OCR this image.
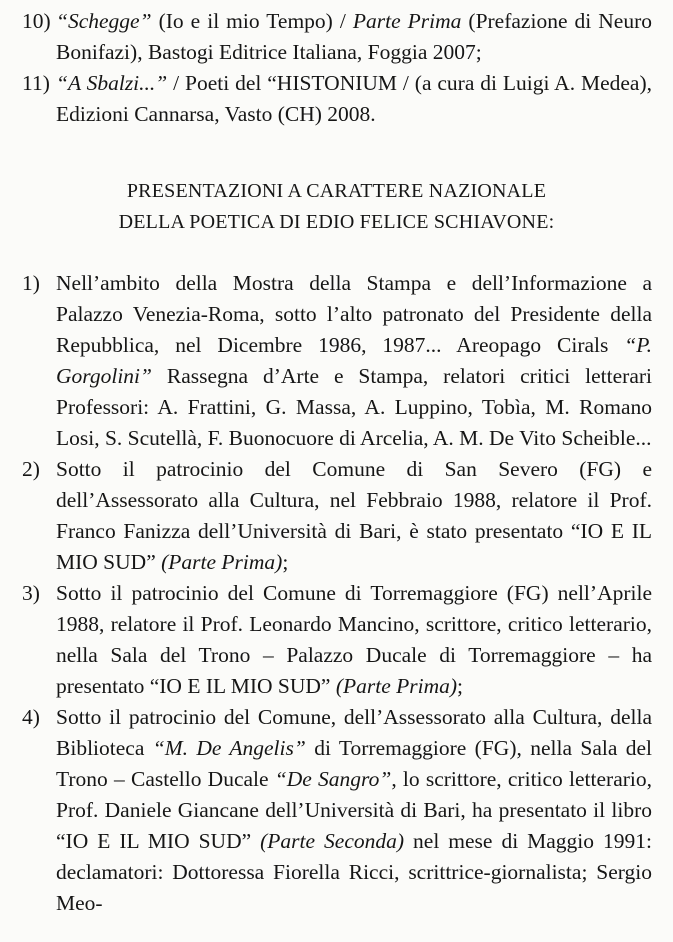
10) “Schegge” (Io e il mio Tempo) / Parte Prima (Prefazione di Neuro Bonifazi), Bastogi Editrice Italiana, Foggia 2007;
11) “A Sbalzi...” / Poeti del “HISTONIUM / (a cura di Luigi A. Medea), Edizioni Cannarsa, Vasto (CH) 2008.
PRESENTAZIONI A CARATTERE NAZIONALE
DELLA POETICA DI EDIO FELICE SCHIAVONE:
1) Nell’ambito della Mostra della Stampa e dell’Informazione a Palazzo Venezia-Roma, sotto l’alto patronato del Presidente della Repubblica, nel Dicembre 1986, 1987... Areopago Cirals “P. Gorgolini” Rassegna d’Arte e Stampa, relatori critici letterari Professori: A. Frattini, G. Massa, A. Luppino, Tobìa, M. Romano Losi, S. Scutellà, F. Buonocuore di Arcelia, A. M. De Vito Scheible...
2) Sotto il patrocinio del Comune di San Severo (FG) e dell’Assessorato alla Cultura, nel Febbraio 1988, relatore il Prof. Franco Fanizza dell’Università di Bari, è stato presentato “IO E IL MIO SUD” (Parte Prima);
3) Sotto il patrocinio del Comune di Torremaggiore (FG) nell’Aprile 1988, relatore il Prof. Leonardo Mancino, scrittore, critico letterario, nella Sala del Trono – Palazzo Ducale di Torremaggiore – ha presentato “IO E IL MIO SUD” (Parte Prima);
4) Sotto il patrocinio del Comune, dell’Assessorato alla Cultura, della Biblioteca “M. De Angelis” di Torremaggiore (FG), nella Sala del Trono – Castello Ducale “De Sangro”, lo scrittore, critico letterario, Prof. Daniele Giancane dell’Università di Bari, ha presentato il libro “IO E IL MIO SUD” (Parte Seconda) nel mese di Maggio 1991: declamatori: Dottoressa Fiorella Ricci, scrittrice-giornalista; Sergio Meo-
